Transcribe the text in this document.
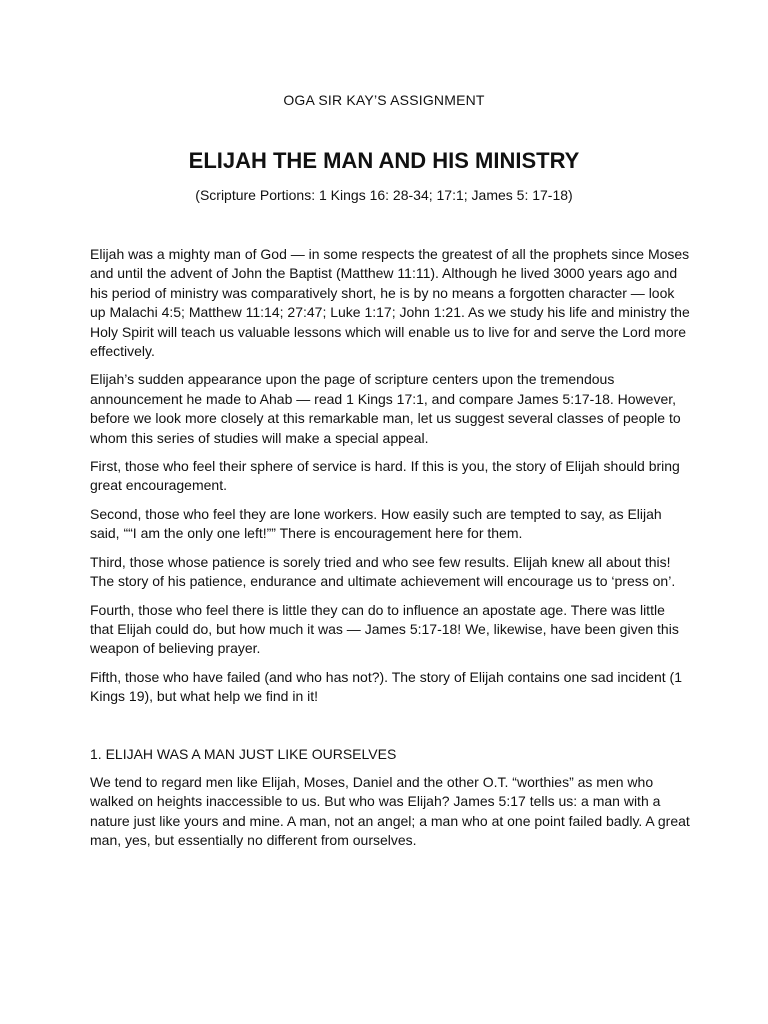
OGA SIR KAY’S ASSIGNMENT
ELIJAH THE MAN AND HIS MINISTRY
(Scripture Portions: 1 Kings 16: 28-34; 17:1; James 5: 17-18)

Elijah was a mighty man of God — in some respects the greatest of all the prophets since Moses and until the advent of John the Baptist (Matthew 11:11). Although he lived 3000 years ago and his period of ministry was comparatively short, he is by no means a forgotten character — look up Malachi 4:5; Matthew 11:14; 27:47; Luke 1:17; John 1:21. As we study his life and ministry the Holy Spirit will teach us valuable lessons which will enable us to live for and serve the Lord more effectively.

Elijah’s sudden appearance upon the page of scripture centers upon the tremendous announcement he made to Ahab — read 1 Kings 17:1, and compare James 5:17-18. However, before we look more closely at this remarkable man, let us suggest several classes of people to whom this series of studies will make a special appeal.

First, those who feel their sphere of service is hard. If this is you, the story of Elijah should bring great encouragement.

Second, those who feel they are lone workers. How easily such are tempted to say, as Elijah said, ““I am the only one left!”” There is encouragement here for them.

Third, those whose patience is sorely tried and who see few results. Elijah knew all about this! The story of his patience, endurance and ultimate achievement will encourage us to ‘press on’.

Fourth, those who feel there is little they can do to influence an apostate age. There was little that Elijah could do, but how much it was — James 5:17-18! We, likewise, have been given this weapon of believing prayer.

Fifth, those who have failed (and who has not?). The story of Elijah contains one sad incident (1 Kings 19), but what help we find in it!

1. ELIJAH WAS A MAN JUST LIKE OURSELVES

We tend to regard men like Elijah, Moses, Daniel and the other O.T. “worthies” as men who walked on heights inaccessible to us. But who was Elijah? James 5:17 tells us: a man with a nature just like yours and mine. A man, not an angel; a man who at one point failed badly. A great man, yes, but essentially no different from ourselves.
